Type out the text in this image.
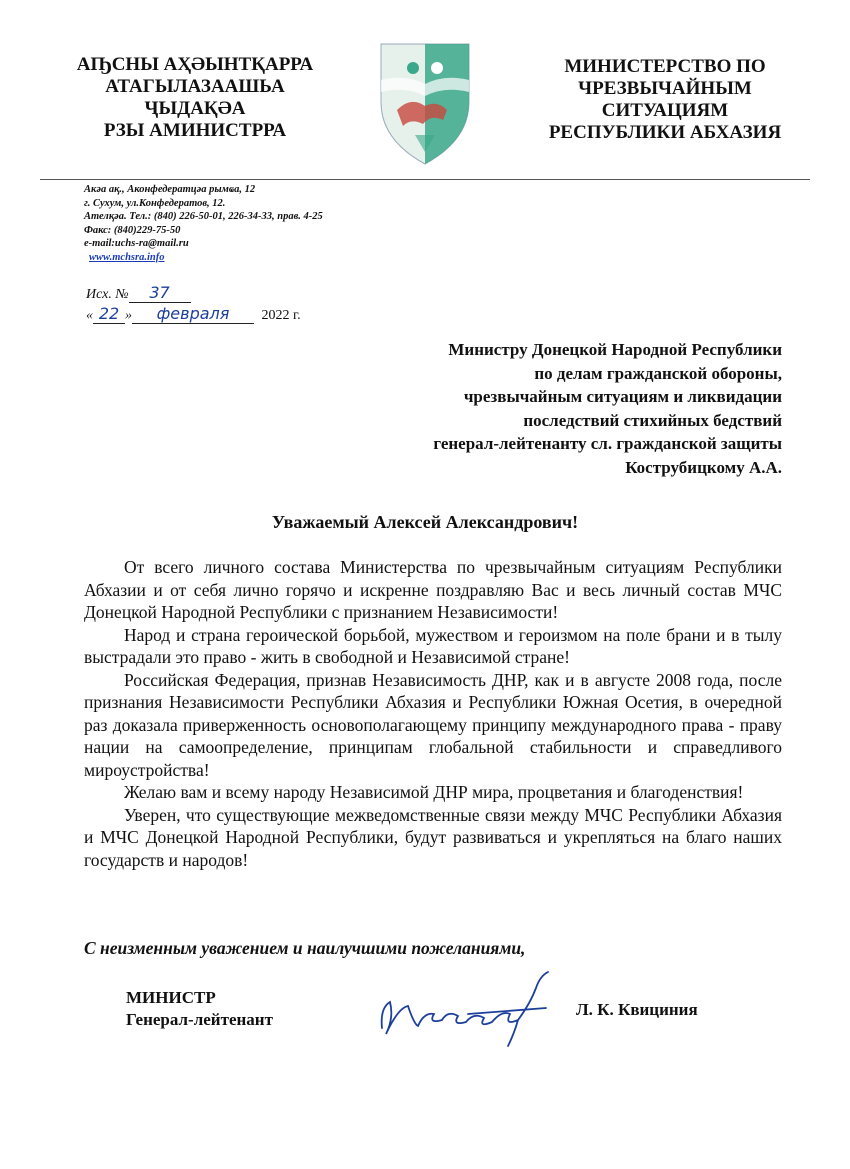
АҦСНЫ АҲӘЫНТҚАРРА
АТАГЫЛАЗААШЬА ҶЫДАҚӘА
РЗЫ АМИНИСТРРА
МИНИСТЕРСТВО ПО
ЧРЕЗВЫЧАЙНЫМ СИТУАЦИЯМ
РЕСПУБЛИКИ АБХАЗИЯ
Акәа ақ., Аконфедератцәа рымҩа, 12
г. Сухум, ул.Конфедератов, 12.
Ателқәа. Тел.: (840) 226-50-01, 226-34-33, прав. 4-25
Факс: (840)229-75-50
e-mail:uchs-ra@mail.ru
www.mchsra.info
Исх. № 37
« 22 » февраля 2022 г.
Министру Донецкой Народной Республики
по делам гражданской обороны,
чрезвычайным ситуациям и ликвидации
последствий стихийных бедствий
генерал-лейтенанту сл. гражданской защиты
Кострубицкому А.А.
Уважаемый Алексей Александрович!

От всего личного состава Министерства по чрезвычайным ситуациям Республики Абхазии и от себя лично горячо и искренне поздравляю Вас и весь личный состав МЧС Донецкой Народной Республики с признанием Независимости!

Народ и страна героической борьбой, мужеством и героизмом на поле брани и в тылу выстрадали это право - жить в свободной и Независимой стране!

Российская Федерация, признав Независимость ДНР, как и в августе 2008 года, после признания Независимости Республики Абхазия и Республики Южная Осетия, в очередной раз доказала приверженность основополагающему принципу международного права - праву нации на самоопределение, принципам глобальной стабильности и справедливого мироустройства!

Желаю вам и всему народу Независимой ДНР мира, процветания и благоденствия!

Уверен, что существующие межведомственные связи между МЧС Республики Абхазия и МЧС Донецкой Народной Республики, будут развиваться и укрепляться на благо наших государств и народов!

С неизменным уважением и наилучшими пожеланиями,
МИНИСТР
Генерал-лейтенант
Л. К. Квициния
